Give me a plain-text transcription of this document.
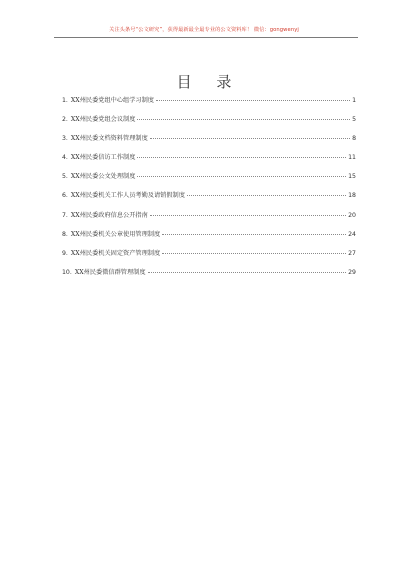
关注头条号“公文研究”，获得最新最全最专业的公文资料库！ 微信：gongwenyj
目 录
1. XX州民委党组中心组学习制度	1
2. XX州民委党组会议制度	5
3. XX州民委文档资料管理制度	8
4. XX州民委信访工作制度	11
5. XX州民委公文处理制度	15
6. XX州民委机关工作人员考勤及请销假制度	18
7. XX州民委政府信息公开指南	20
8. XX州民委机关公章使用管理制度	24
9. XX州民委机关固定资产管理制度	27
10. XX州民委微信群管理制度	29
